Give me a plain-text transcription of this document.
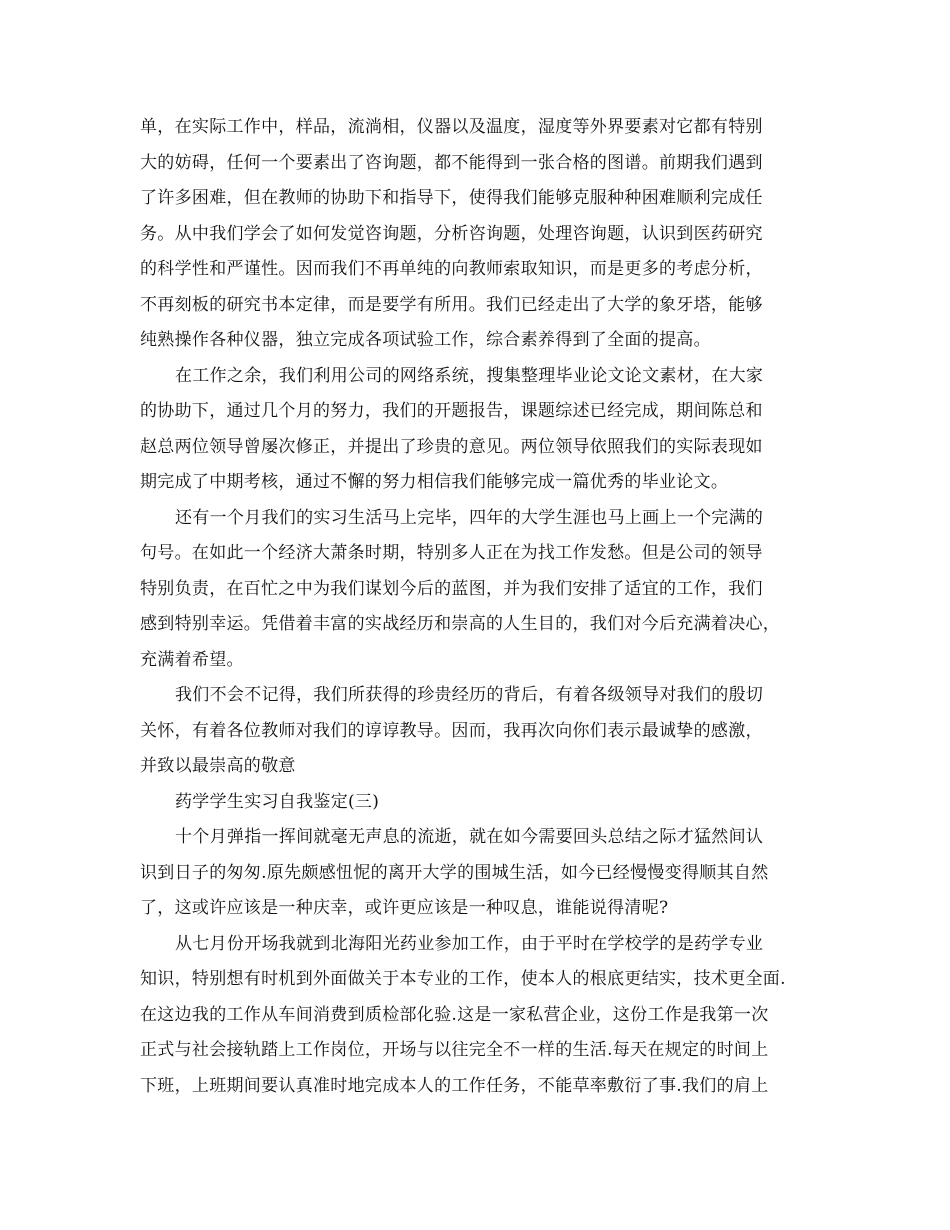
单，在实际工作中，样品，流淌相，仪器以及温度，湿度等外界要素对它都有特别
大的妨碍，任何一个要素出了咨询题，都不能得到一张合格的图谱。前期我们遇到
了许多困难，但在教师的协助下和指导下，使得我们能够克服种种困难顺利完成任
务。从中我们学会了如何发觉咨询题，分析咨询题，处理咨询题，认识到医药研究
的科学性和严谨性。因而我们不再单纯的向教师索取知识，而是更多的考虑分析，
不再刻板的研究书本定律，而是要学有所用。我们已经走出了大学的象牙塔，能够
纯熟操作各种仪器，独立完成各项试验工作，综合素养得到了全面的提高。
在工作之余，我们利用公司的网络系统，搜集整理毕业论文论文素材，在大家
的协助下，通过几个月的努力，我们的开题报告，课题综述已经完成，期间陈总和
赵总两位领导曾屡次修正，并提出了珍贵的意见。两位领导依照我们的实际表现如
期完成了中期考核，通过不懈的努力相信我们能够完成一篇优秀的毕业论文。
还有一个月我们的实习生活马上完毕，四年的大学生涯也马上画上一个完满的
句号。在如此一个经济大萧条时期，特别多人正在为找工作发愁。但是公司的领导
特别负责，在百忙之中为我们谋划今后的蓝图，并为我们安排了适宜的工作，我们
感到特别幸运。凭借着丰富的实战经历和崇高的人生目的，我们对今后充满着决心，
充满着希望。
我们不会不记得，我们所获得的珍贵经历的背后，有着各级领导对我们的殷切
关怀，有着各位教师对我们的谆谆教导。因而，我再次向你们表示最诚挚的感激，
并致以最崇高的敬意
药学学生实习自我鉴定(三)
十个月弹指一挥间就毫无声息的流逝，就在如今需要回头总结之际才猛然间认
识到日子的匆匆.原先颇感忸怩的离开大学的围城生活，如今已经慢慢变得顺其自然
了，这或许应该是一种庆幸，或许更应该是一种叹息，谁能说得清呢?
从七月份开场我就到北海阳光药业参加工作，由于平时在学校学的是药学专业
知识，特别想有时机到外面做关于本专业的工作，使本人的根底更结实，技术更全面.
在这边我的工作从车间消费到质检部化验.这是一家私营企业，这份工作是我第一次
正式与社会接轨踏上工作岗位，开场与以往完全不一样的生活.每天在规定的时间上
下班，上班期间要认真准时地完成本人的工作任务，不能草率敷衍了事.我们的肩上
